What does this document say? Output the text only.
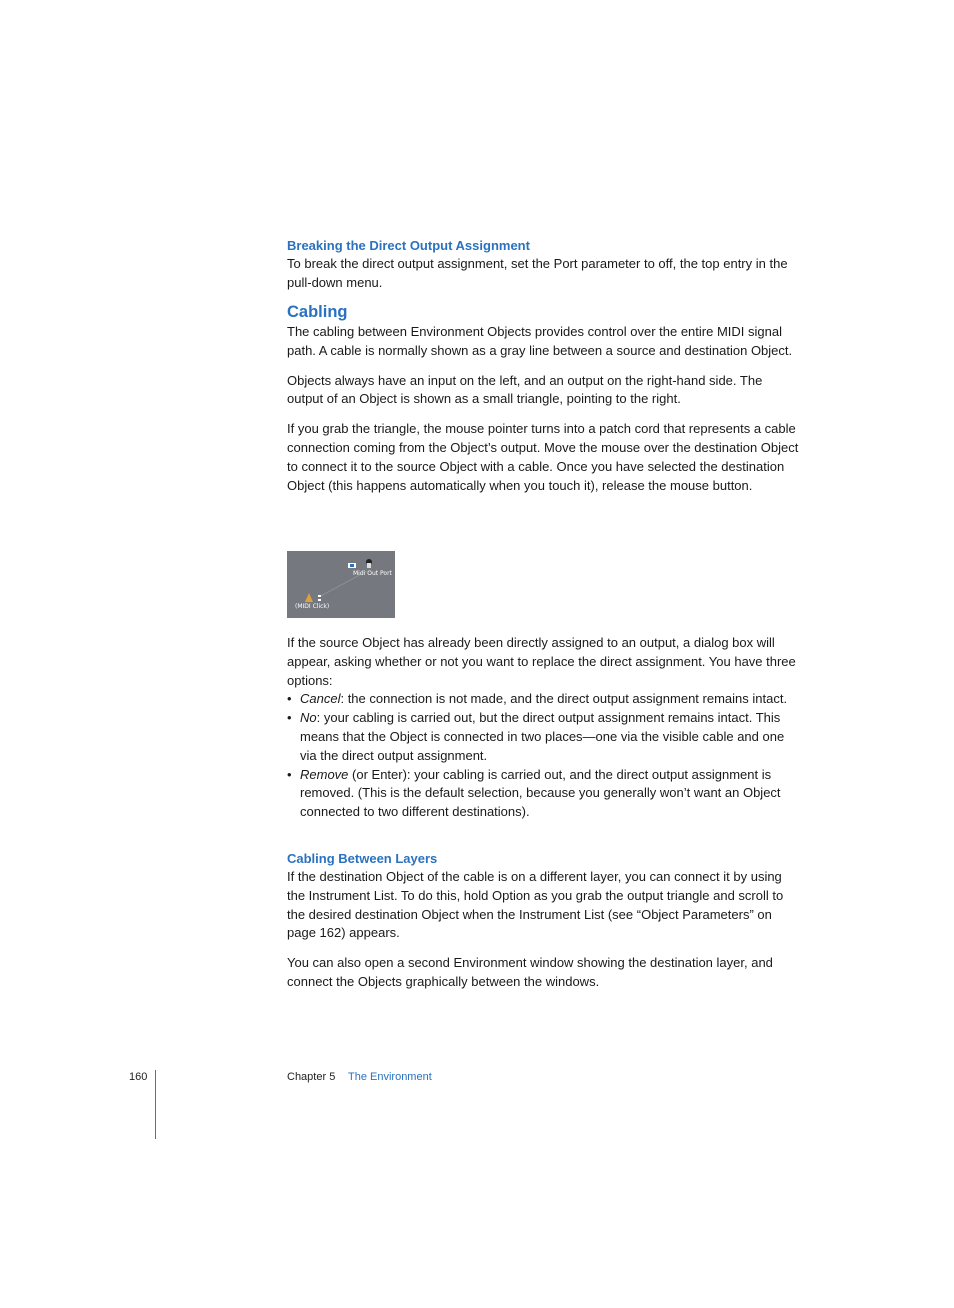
Breaking the Direct Output Assignment

To break the direct output assignment, set the Port parameter to off, the top entry in the pull-down menu.

Cabling

The cabling between Environment Objects provides control over the entire MIDI signal path. A cable is normally shown as a gray line between a source and destination Object.

Objects always have an input on the left, and an output on the right-hand side. The output of an Object is shown as a small triangle, pointing to the right.

If you grab the triangle, the mouse pointer turns into a patch cord that represents a cable connection coming from the Object’s output. Move the mouse over the destination Object to connect it to the source Object with a cable. Once you have selected the destination Object (this happens automatically when you touch it), release the mouse button.

Midi Out Port
(MIDI Click)

If the source Object has already been directly assigned to an output, a dialog box will appear, asking whether or not you want to replace the direct assignment. You have three options:

• Cancel: the connection is not made, and the direct output assignment remains intact.
• No: your cabling is carried out, but the direct output assignment remains intact. This means that the Object is connected in two places—one via the visible cable and one via the direct output assignment.
• Remove (or Enter): your cabling is carried out, and the direct output assignment is removed. (This is the default selection, because you generally won’t want an Object connected to two different destinations).
Cabling Between Layers

If the destination Object of the cable is on a different layer, you can connect it by using the Instrument List. To do this, hold Option as you grab the output triangle and scroll to the desired destination Object when the Instrument List (see “Object Parameters” on page 162) appears.

You can also open a second Environment window showing the destination layer, and connect the Objects graphically between the windows.

160	Chapter 5 The Environment
